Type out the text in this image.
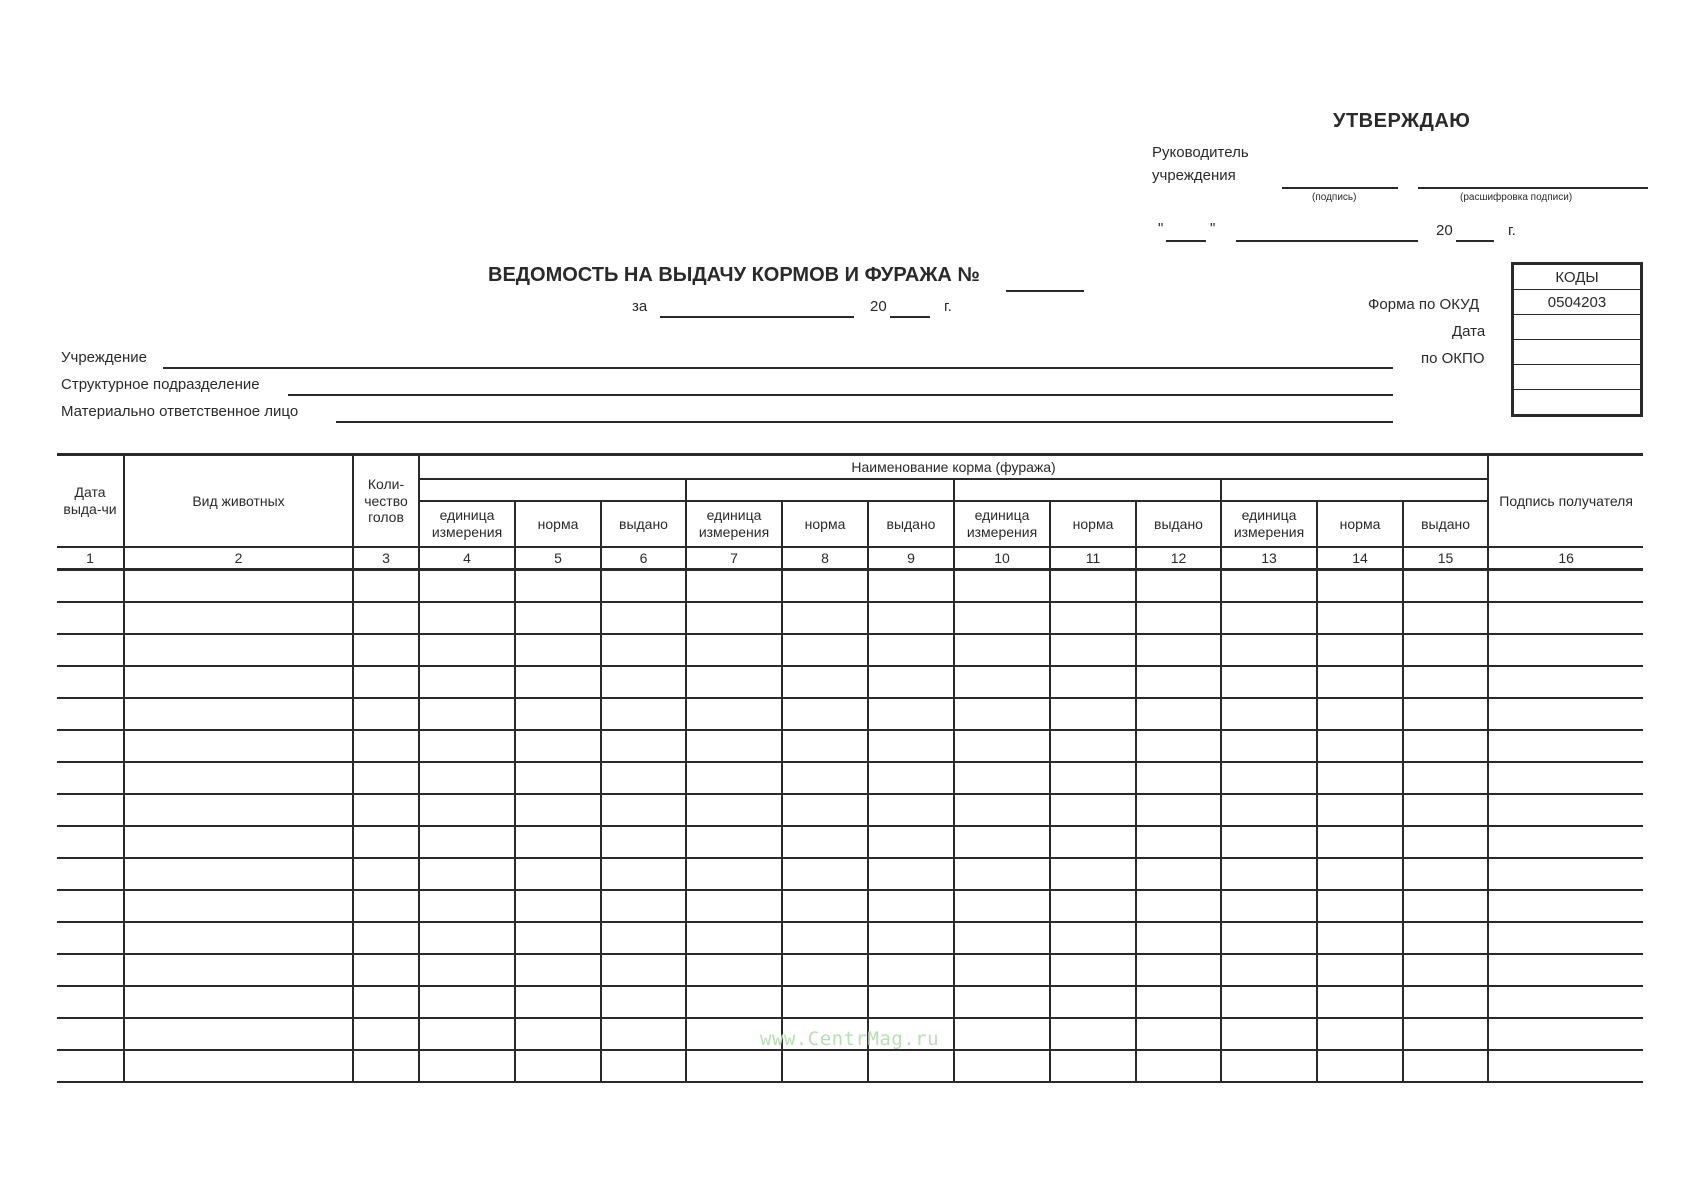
УТВЕРЖДАЮ
Руководитель
учреждения
(подпись)	(расшифровка подписи)
"	"	20	г.
ВЕДОМОСТЬ НА ВЫДАЧУ КОРМОВ И ФУРАЖА №
за	20	г.	Форма по ОКУД
Дата
по ОКПО
КОДЫ
0504203

Учреждение
Структурное подразделение
Материально ответственное лицо
Дата выда-чи	Вид животных	Коли-чество голов	Наименование корма (фуража)												Подпись получателя

			единица измерения	норма	выдано	единица измерения	норма	выдано	единица измерения	норма	выдано	единица измерения	норма	выдано	
1	2	3	4	5	6	7	8	9	10	11	12	13	14	15	16

www.CentrMag.ru
